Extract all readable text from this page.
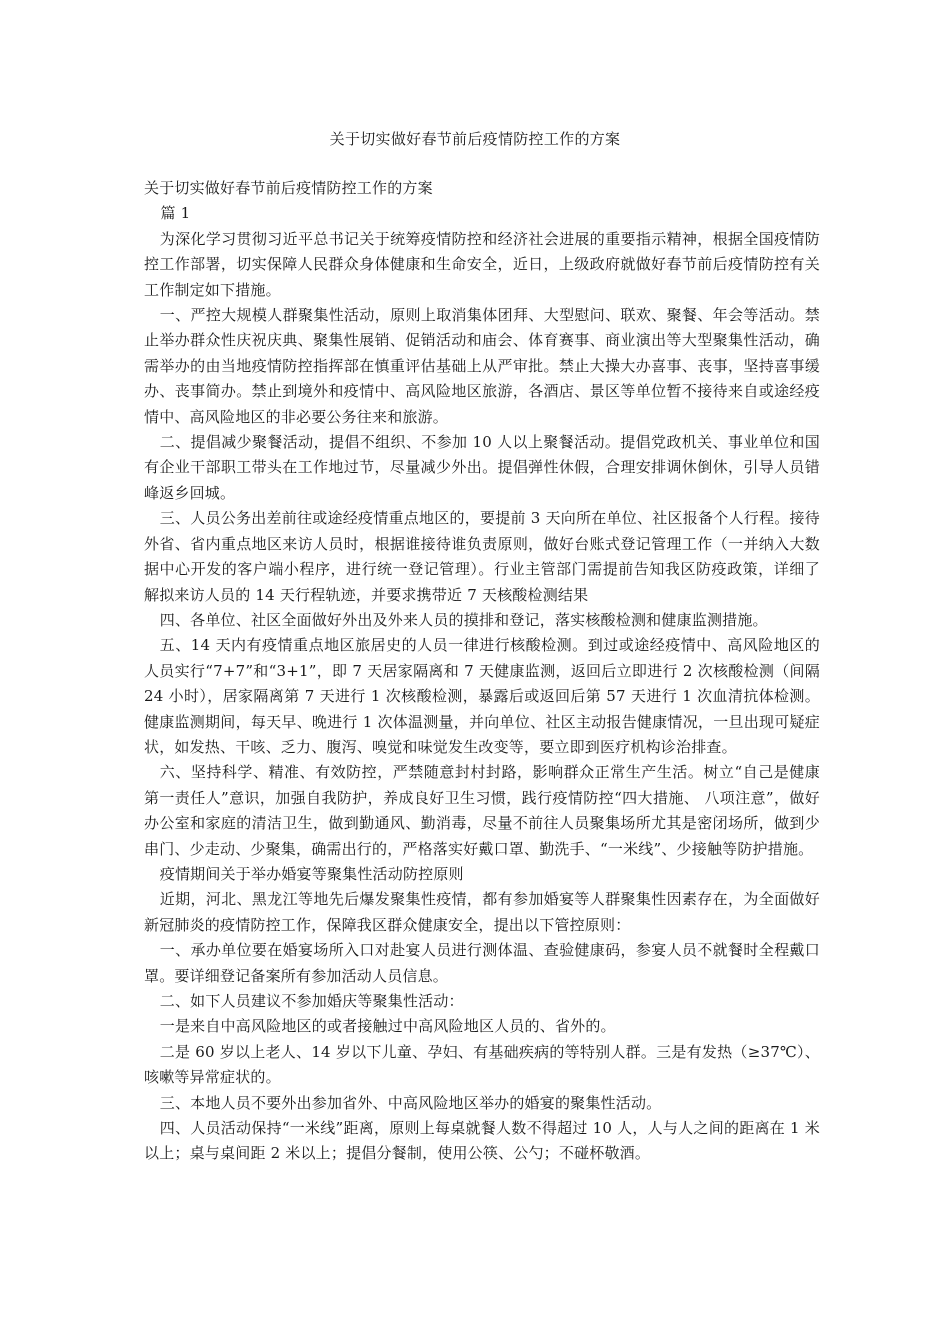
关于切实做好春节前后疫情防控工作的方案

关于切实做好春节前后疫情防控工作的方案

篇 1

为深化学习贯彻习近平总书记关于统筹疫情防控和经济社会进展的重要指示精神，根据全国疫情防控工作部署，切实保障人民群众身体健康和生命安全，近日，上级政府就做好春节前后疫情防控有关工作制定如下措施。

一、严控大规模人群聚集性活动，原则上取消集体团拜、大型慰问、联欢、聚餐、年会等活动。禁止举办群众性庆祝庆典、聚集性展销、促销活动和庙会、体育赛事、商业演出等大型聚集性活动，确需举办的由当地疫情防控指挥部在慎重评估基础上从严审批。禁止大操大办喜事、丧事，坚持喜事缓办、丧事简办。禁止到境外和疫情中、高风险地区旅游，各酒店、景区等单位暂不接待来自或途经疫情中、高风险地区的非必要公务往来和旅游。

二、提倡减少聚餐活动，提倡不组织、不参加 10 人以上聚餐活动。提倡党政机关、事业单位和国有企业干部职工带头在工作地过节，尽量减少外出。提倡弹性休假，合理安排调休倒休，引导人员错峰返乡回城。

三、人员公务出差前往或途经疫情重点地区的，要提前 3 天向所在单位、社区报备个人行程。接待外省、省内重点地区来访人员时，根据谁接待谁负责原则，做好台账式登记管理工作（一并纳入大数据中心开发的客户端小程序，进行统一登记管理）。行业主管部门需提前告知我区防疫政策，详细了解拟来访人员的 14 天行程轨迹，并要求携带近 7 天核酸检测结果

四、各单位、社区全面做好外出及外来人员的摸排和登记，落实核酸检测和健康监测措施。

五、14 天内有疫情重点地区旅居史的人员一律进行核酸检测。到过或途经疫情中、高风险地区的人员实行“7+7”和“3+1”，即 7 天居家隔离和 7 天健康监测，返回后立即进行 2 次核酸检测（间隔 24 小时），居家隔离第 7 天进行 1 次核酸检测，暴露后或返回后第 57 天进行 1 次血清抗体检测。健康监测期间，每天早、晚进行 1 次体温测量，并向单位、社区主动报告健康情况，一旦出现可疑症状，如发热、干咳、乏力、腹泻、嗅觉和味觉发生改变等，要立即到医疗机构诊治排查。

六、坚持科学、精准、有效防控，严禁随意封村封路，影响群众正常生产生活。树立“自己是健康第一责任人”意识，加强自我防护，养成良好卫生习惯，践行疫情防控“四大措施、 八项注意”，做好办公室和家庭的清洁卫生，做到勤通风、勤消毒，尽量不前往人员聚集场所尤其是密闭场所，做到少串门、少走动、少聚集，确需出行的，严格落实好戴口罩、勤洗手、“一米线”、少接触等防护措施。

疫情期间关于举办婚宴等聚集性活动防控原则

近期，河北、黑龙江等地先后爆发聚集性疫情，都有参加婚宴等人群聚集性因素存在，为全面做好新冠肺炎的疫情防控工作，保障我区群众健康安全，提出以下管控原则：

一、承办单位要在婚宴场所入口对赴宴人员进行测体温、查验健康码，参宴人员不就餐时全程戴口罩。要详细登记备案所有参加活动人员信息。

二、如下人员建议不参加婚庆等聚集性活动：

一是来自中高风险地区的或者接触过中高风险地区人员的、省外的。

二是 60 岁以上老人、14 岁以下儿童、孕妇、有基础疾病的等特别人群。三是有发热（≥37℃）、咳嗽等异常症状的。

三、本地人员不要外出参加省外、中高风险地区举办的婚宴的聚集性活动。

四、人员活动保持“一米线”距离，原则上每桌就餐人数不得超过 10 人，人与人之间的距离在 1 米以上；桌与桌间距 2 米以上；提倡分餐制，使用公筷、公勺；不碰杯敬酒。
